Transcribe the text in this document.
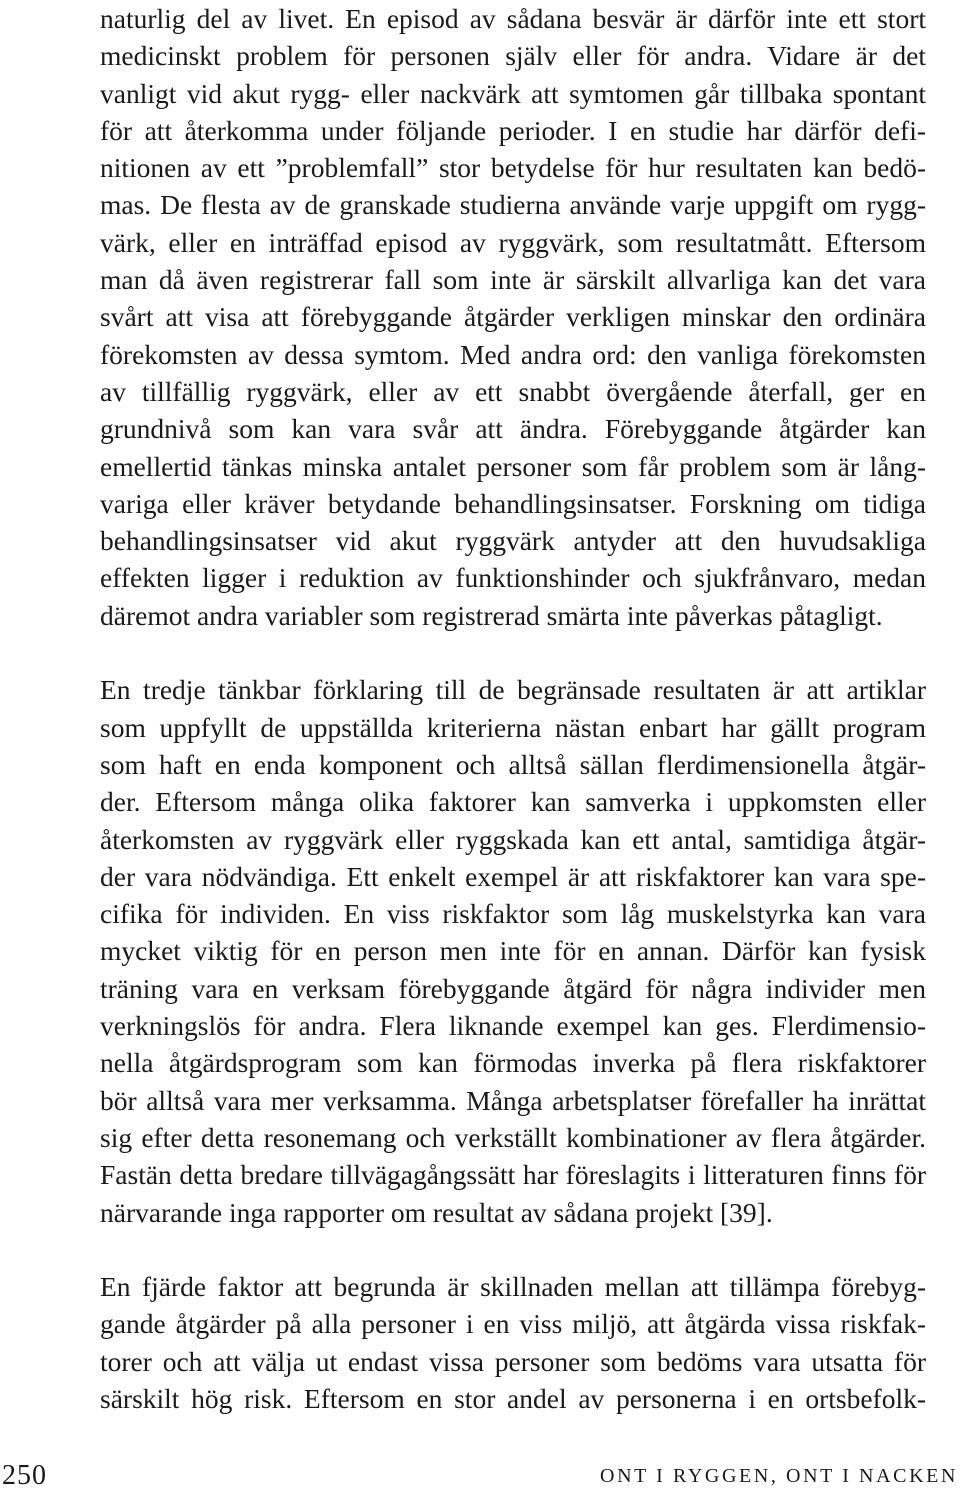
naturlig del av livet. En episod av sådana besvär är därför inte ett stort
medicinskt problem för personen själv eller för andra. Vidare är det
vanligt vid akut rygg- eller nackvärk att symtomen går tillbaka spontant
för att återkomma under följande perioder. I en studie har därför defi-
nitionen av ett ”problemfall” stor betydelse för hur resultaten kan bedö-
mas. De flesta av de granskade studierna använde varje uppgift om rygg-
värk, eller en inträffad episod av ryggvärk, som resultatmått. Eftersom
man då även registrerar fall som inte är särskilt allvarliga kan det vara
svårt att visa att förebyggande åtgärder verkligen minskar den ordinära
förekomsten av dessa symtom. Med andra ord: den vanliga förekomsten
av tillfällig ryggvärk, eller av ett snabbt övergående återfall, ger en
grundnivå som kan vara svår att ändra. Förebyggande åtgärder kan
emellertid tänkas minska antalet personer som får problem som är lång-
variga eller kräver betydande behandlingsinsatser. Forskning om tidiga
behandlingsinsatser vid akut ryggvärk antyder att den huvudsakliga
effekten ligger i reduktion av funktionshinder och sjukfrånvaro, medan
däremot andra variabler som registrerad smärta inte påverkas påtagligt.
En tredje tänkbar förklaring till de begränsade resultaten är att artiklar
som uppfyllt de uppställda kriterierna nästan enbart har gällt program
som haft en enda komponent och alltså sällan flerdimensionella åtgär-
der. Eftersom många olika faktorer kan samverka i uppkomsten eller
återkomsten av ryggvärk eller ryggskada kan ett antal, samtidiga åtgär-
der vara nödvändiga. Ett enkelt exempel är att riskfaktorer kan vara spe-
cifika för individen. En viss riskfaktor som låg muskelstyrka kan vara
mycket viktig för en person men inte för en annan. Därför kan fysisk
träning vara en verksam förebyggande åtgärd för några individer men
verkningslös för andra. Flera liknande exempel kan ges. Flerdimensio-
nella åtgärdsprogram som kan förmodas inverka på flera riskfaktorer
bör alltså vara mer verksamma. Många arbetsplatser förefaller ha inrättat
sig efter detta resonemang och verkställt kombinationer av flera åtgärder.
Fastän detta bredare tillvägagångssätt har föreslagits i litteraturen finns för
närvarande inga rapporter om resultat av sådana projekt [39].
En fjärde faktor att begrunda är skillnaden mellan att tillämpa förebyg-
gande åtgärder på alla personer i en viss miljö, att åtgärda vissa riskfak-
torer och att välja ut endast vissa personer som bedöms vara utsatta för
särskilt hög risk. Eftersom en stor andel av personerna i en ortsbefolk-
250	ONT I RYGGEN, ONT I NACKEN
